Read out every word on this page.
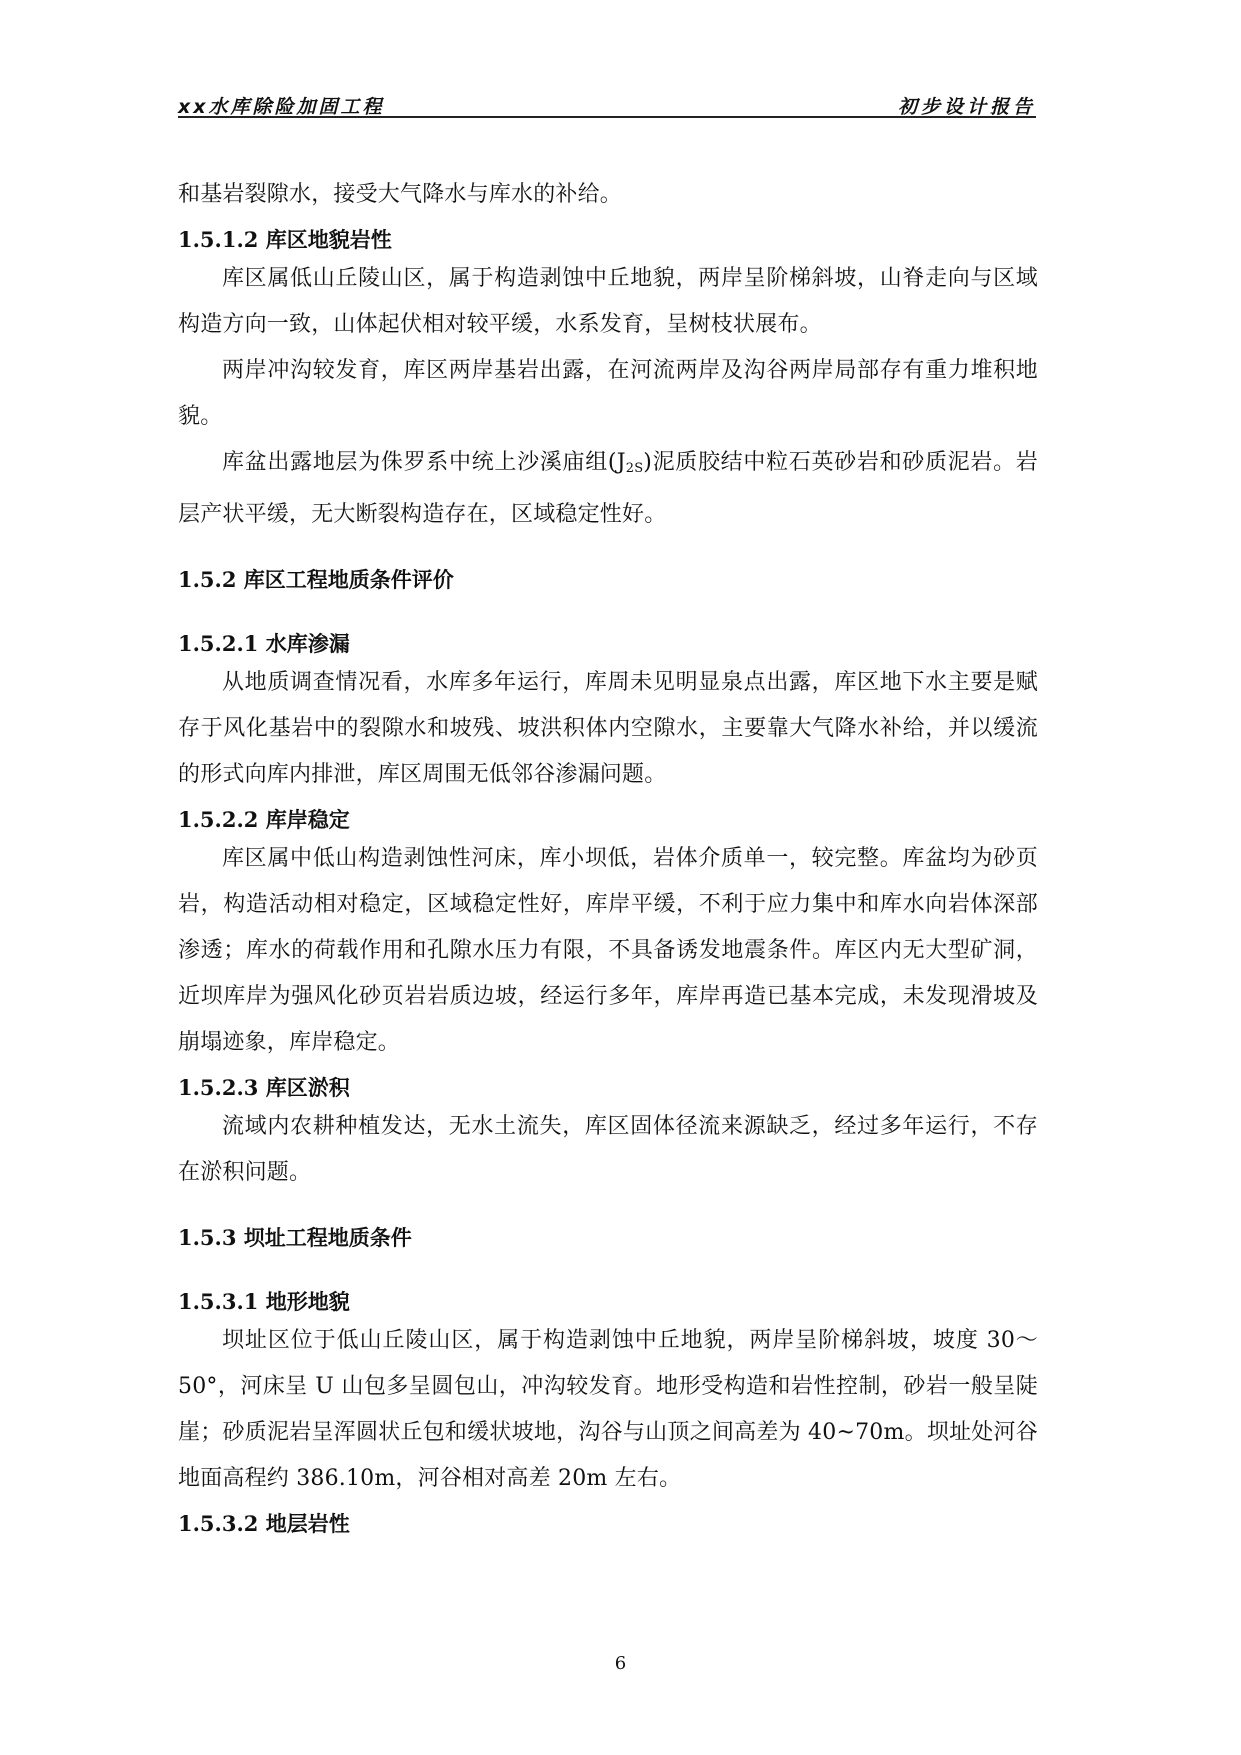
xx水库除险加固工程	初步设计报告

和基岩裂隙水，接受大气降水与库水的补给。

1.5.1.2 库区地貌岩性

库区属低山丘陵山区，属于构造剥蚀中丘地貌，两岸呈阶梯斜坡，山脊走向与区域构造方向一致，山体起伏相对较平缓，水系发育，呈树枝状展布。

两岸冲沟较发育，库区两岸基岩出露，在河流两岸及沟谷两岸局部存有重力堆积地貌。

库盆出露地层为侏罗系中统上沙溪庙组$(J_{2S})$泥质胶结中粒石英砂岩和砂质泥岩。岩层产状平缓，无大断裂构造存在，区域稳定性好。

1.5.2 库区工程地质条件评价
1.5.2.1 水库渗漏

从地质调查情况看，水库多年运行，库周未见明显泉点出露，库区地下水主要是赋存于风化基岩中的裂隙水和坡残、坡洪积体内空隙水，主要靠大气降水补给，并以缓流的形式向库内排泄，库区周围无低邻谷渗漏问题。

1.5.2.2 库岸稳定

库区属中低山构造剥蚀性河床，库小坝低，岩体介质单一，较完整。库盆均为砂页岩，构造活动相对稳定，区域稳定性好，库岸平缓，不利于应力集中和库水向岩体深部渗透；库水的荷载作用和孔隙水压力有限，不具备诱发地震条件。库区内无大型矿洞，近坝库岸为强风化砂页岩岩质边坡，经运行多年，库岸再造已基本完成，未发现滑坡及崩塌迹象，库岸稳定。

1.5.2.3 库区淤积

流域内农耕种植发达，无水土流失，库区固体径流来源缺乏，经过多年运行，不存在淤积问题。

1.5.3 坝址工程地质条件
1.5.3.1 地形地貌

坝址区位于低山丘陵山区，属于构造剥蚀中丘地貌，两岸呈阶梯斜坡，坡度 30～50°，河床呈 U 山包多呈圆包山，冲沟较发育。地形受构造和岩性控制，砂岩一般呈陡崖；砂质泥岩呈浑圆状丘包和缓状坡地，沟谷与山顶之间高差为 40~70m。坝址处河谷地面高程约 386.10m，河谷相对高差 20m 左右。

1.5.3.2 地层岩性
6
